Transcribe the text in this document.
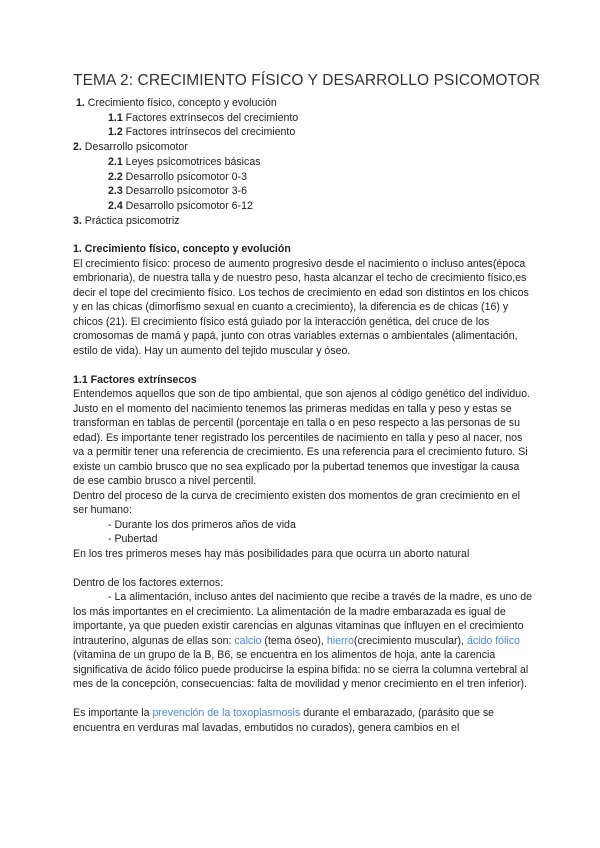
TEMA 2: CRECIMIENTO FÍSICO Y DESARROLLO PSICOMOTOR
1. Crecimiento físico, concepto y evolución
1.1 Factores extrínsecos del crecimiento
1.2 Factores intrínsecos del crecimiento
2. Desarrollo psicomotor
2.1 Leyes psicomotrices básicas
2.2 Desarrollo psicomotor 0-3
2.3 Desarrollo psicomotor 3-6
2.4 Desarrollo psicomotor 6-12
3. Práctica psicomotriz
1. Crecimiento físico, concepto y evolución

El crecimiento físico: proceso de aumento progresivo desde el nacimiento o incluso antes(época embrionaria), de nuestra talla y de nuestro peso, hasta alcanzar el techo de crecimiento físico,es decir el tope del crecimiento físico. Los techos de crecimiento en edad son distintos en los chicos y en las chicas (dimorfismo sexual en cuanto a crecimiento), la diferencia es de chicas (16) y chicos (21). El crecimiento físico está guiado por la interacción genética, del cruce de los cromosomas de mamá y papá, junto con otras variables externas o ambientales (alimentación, estilo de vida). Hay un aumento del tejido muscular y óseo.

1.1 Factores extrínsecos

Entendemos aquellos que son de tipo ambiental, que son ajenos al código genético del individuo.

Justo en el momento del nacimiento tenemos las primeras medidas en talla y peso y estas se transforman en tablas de percentil (porcentaje en talla o en peso respecto a las personas de su edad). Es importante tener registrado los percentiles de nacimiento en talla y peso al nacer, nos va a permitir tener una referencia de crecimiento. Es una referencia para el crecimiento futuro. Si existe un cambio brusco que no sea explicado por la pubertad tenemos que investigar la causa de ese cambio brusco a nivel percentil.

Dentro del proceso de la curva de crecimiento existen dos momentos de gran crecimiento en el ser humano:

- Durante los dos primeros años de vida

- Pubertad

En los tres primeros meses hay más posibilidades para que ocurra un aborto natural

Dentro de los factores externos:

- La alimentación, incluso antes del nacimiento que recibe a través de la madre, es uno de los más importantes en el crecimiento. La alimentación de la madre embarazada es igual de importante, ya que pueden existir carencias en algunas vitaminas que influyen en el crecimiento intrauterino, algunas de ellas son: calcio (tema óseo), hierro(crecimiento muscular), ácido fólico (vitamina de un grupo de la B, B6, se encuentra en los alimentos de hoja, ante la carencia significativa de ácido fólico puede producirse la espina bífida: no se cierra la columna vertebral al mes de la concepción, consecuencias: falta de movilidad y menor crecimiento en el tren inferior).

Es importante la prevención de la toxoplasmosis durante el embarazado, (parásito que se encuentra en verduras mal lavadas, embutidos no curados), genera cambios en el
